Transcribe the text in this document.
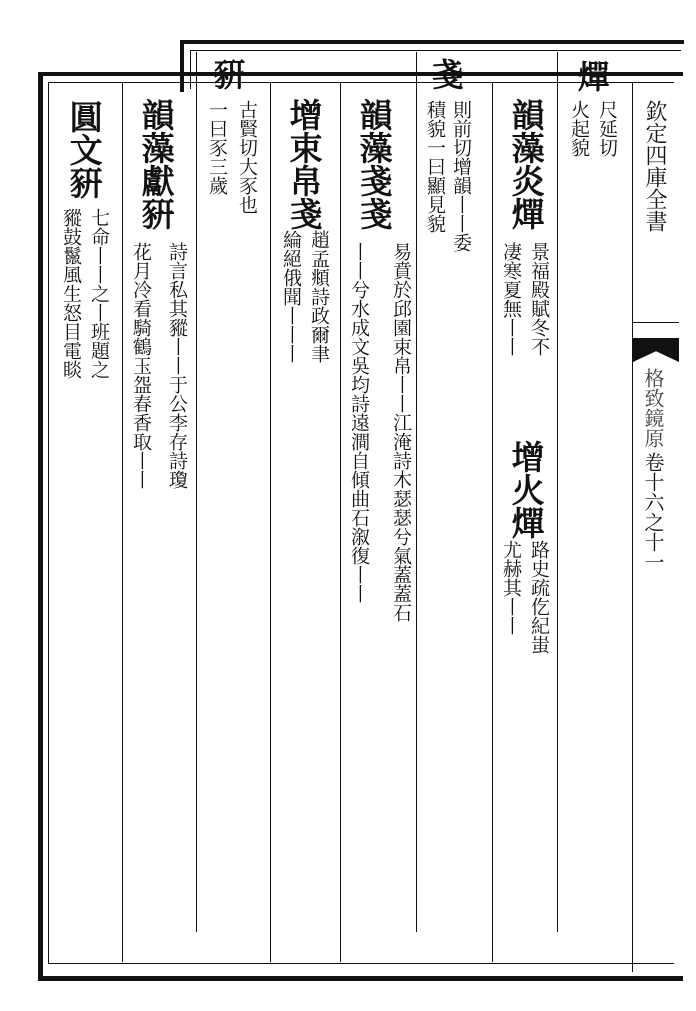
欽定四庫全書
格致鏡原
卷十六之十一
燀
尺延切
火起貌
韻藻炎燀
景福殿賦冬不
凄寒夏無丨丨
增火燀
路史疏仡紀蚩
尤赫其丨丨
戔
則前切增韻丨丨委
積貌一曰顯見貌
韻藻戔戔
易賁於邱園束帛丨丨江淹詩木瑟瑟兮氣蓋蓋石
丨丨兮水成文吳均詩遠澗自傾曲石溆復丨丨
增束帛戔
趙孟頫詩政爾聿
綸絕俄聞丨丨丨
豣
古賢切大豕也
一曰豕三歲
韻藻獻豣
詩言私其豵丨丨于公李存詩瓊
花月冷看騎鶴玉盌春香取丨丨
圓文豣
七命丨丨之丨班題之
豵鼓鬣風生怒目電睒
